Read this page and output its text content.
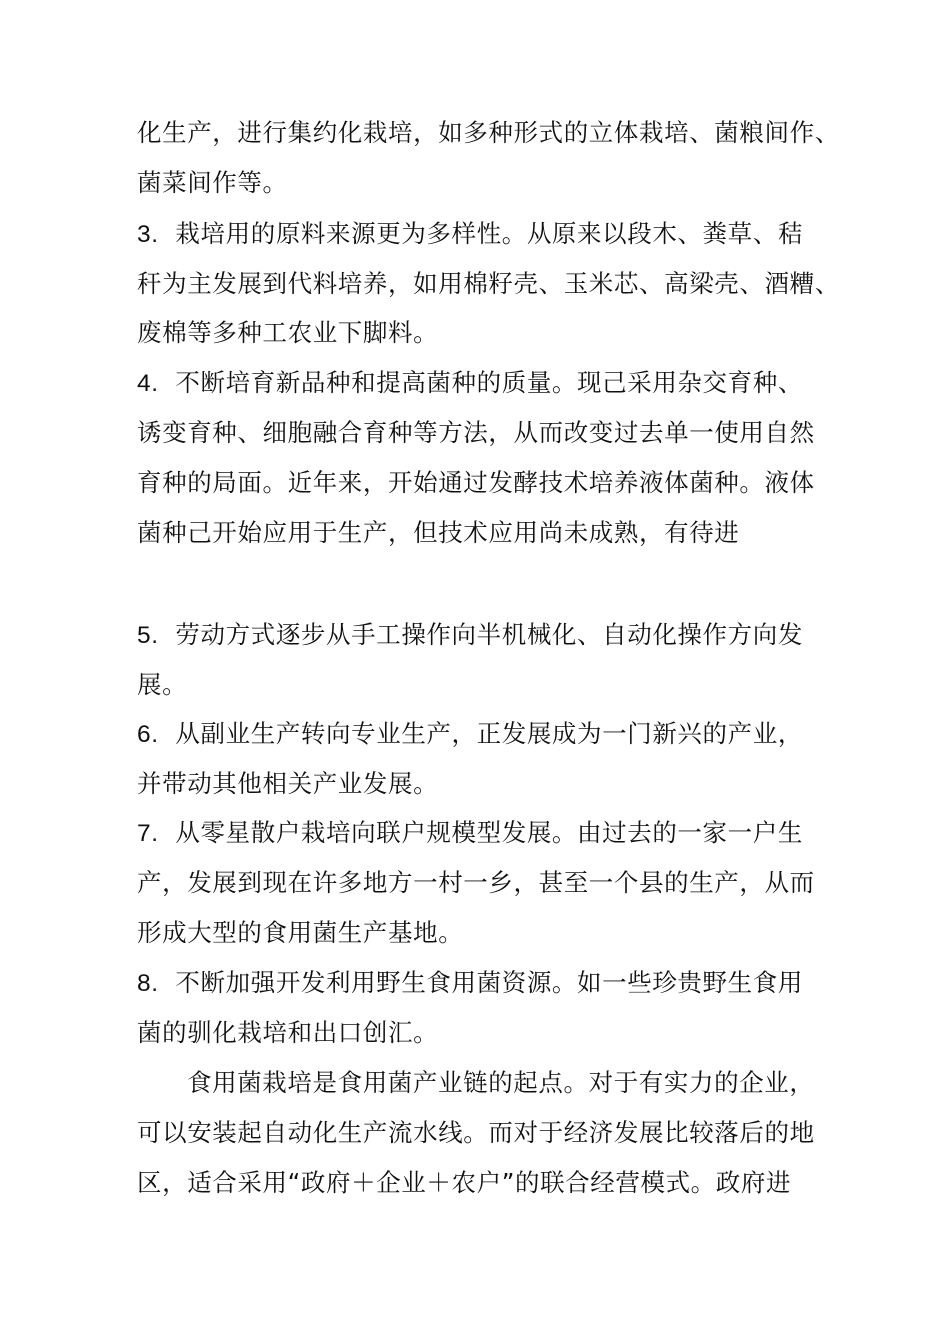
化生产，进行集约化栽培，如多种形式的立体栽培、菌粮间作、
菌菜间作等。
3. 栽培用的原料来源更为多样性。从原来以段木、粪草、秸
秆为主发展到代料培养，如用棉籽壳、玉米芯、高梁壳、酒糟、
废棉等多种工农业下脚料。
4. 不断培育新品种和提高菌种的质量。现己采用杂交育种、
诱变育种、细胞融合育种等方法，从而改变过去单一使用自然
育种的局面。近年来，开始通过发酵技术培养液体菌种。液体
菌种己开始应用于生产，但技术应用尚未成熟，有待进
5. 劳动方式逐步从手工操作向半机械化、自动化操作方向发
展。
6. 从副业生产转向专业生产，正发展成为一门新兴的产业，
并带动其他相关产业发展。
7. 从零星散户栽培向联户规模型发展。由过去的一家一户生
产，发展到现在许多地方一村一乡，甚至一个县的生产，从而
形成大型的食用菌生产基地。
8. 不断加强开发利用野生食用菌资源。如一些珍贵野生食用
菌的驯化栽培和出口创汇。
食用菌栽培是食用菌产业链的起点。对于有实力的企业，
可以安装起自动化生产流水线。而对于经济发展比较落后的地
区，适合采用“政府＋企业＋农户”的联合经营模式。政府进
